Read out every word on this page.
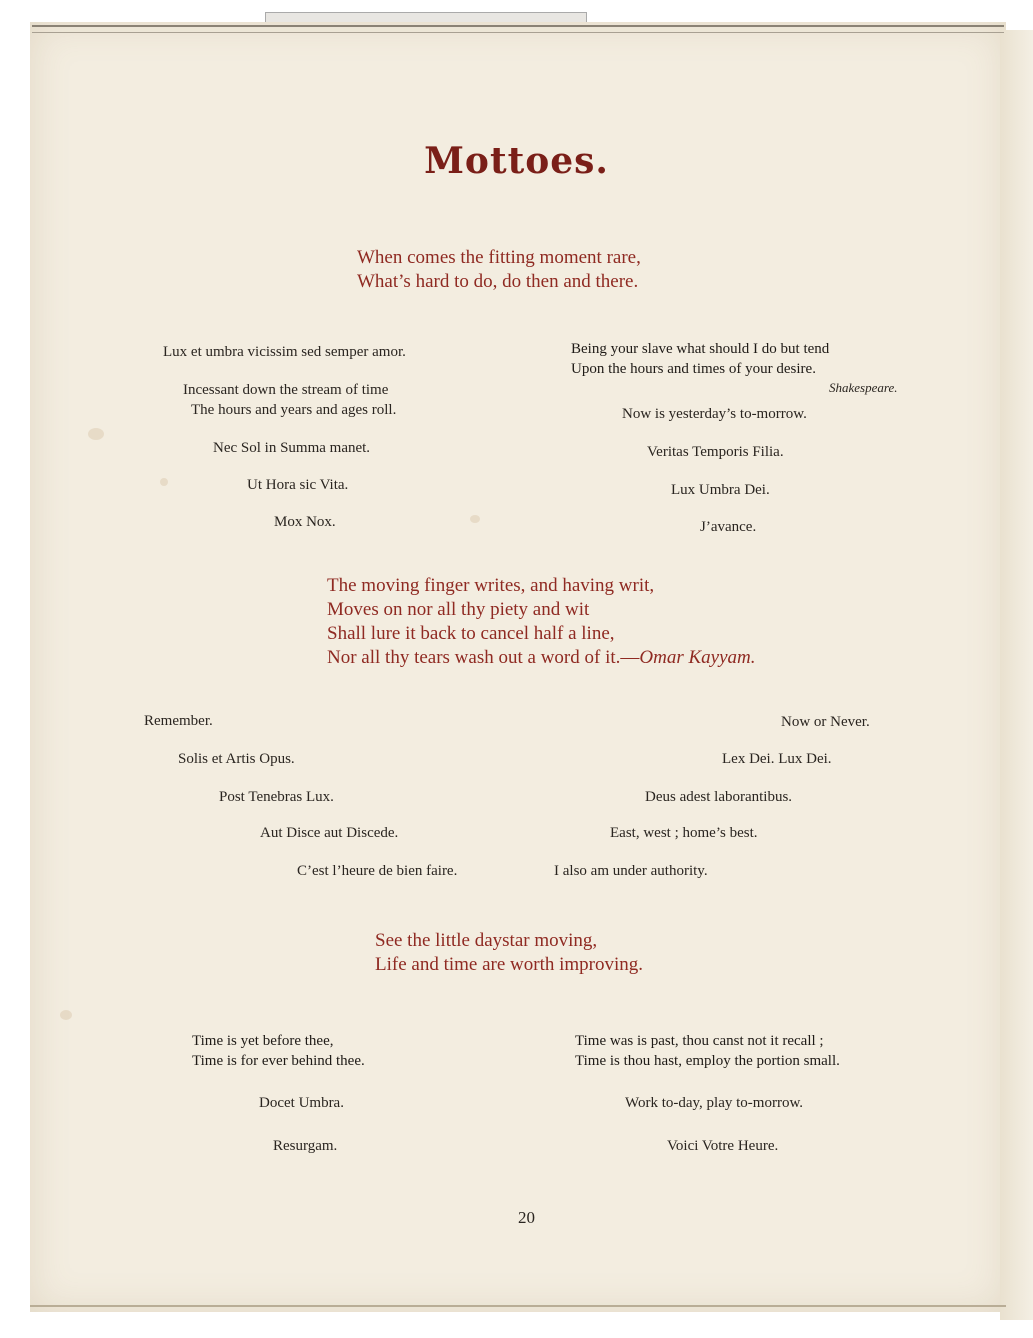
Mottoes.
When comes the fitting moment rare,
What’s hard to do, do then and there.
Lux et umbra vicissim sed semper amor.
Incessant down the stream of time
The hours and years and ages roll.
Nec Sol in Summa manet.
Ut Hora sic Vita.
Mox Nox.
Being your slave what should I do but tend
Upon the hours and times of your desire.
Shakespeare.
Now is yesterday’s to-morrow.
Veritas Temporis Filia.
Lux Umbra Dei.
J’avance.
The moving finger writes, and having writ,
Moves on nor all thy piety and wit
Shall lure it back to cancel half a line,
Nor all thy tears wash out a word of it.—Omar Kayyam.
Remember.
Solis et Artis Opus.
Post Tenebras Lux.
Aut Disce aut Discede.
C’est l’heure de bien faire.
Now or Never.
Lex Dei. Lux Dei.
Deus adest laborantibus.
East, west ; home’s best.
I also am under authority.
See the little daystar moving,
Life and time are worth improving.
Time is yet before thee,
Time is for ever behind thee.
Docet Umbra.
Resurgam.
Time was is past, thou canst not it recall ;
Time is thou hast, employ the portion small.
Work to-day, play to-morrow.
Voici Votre Heure.
20
